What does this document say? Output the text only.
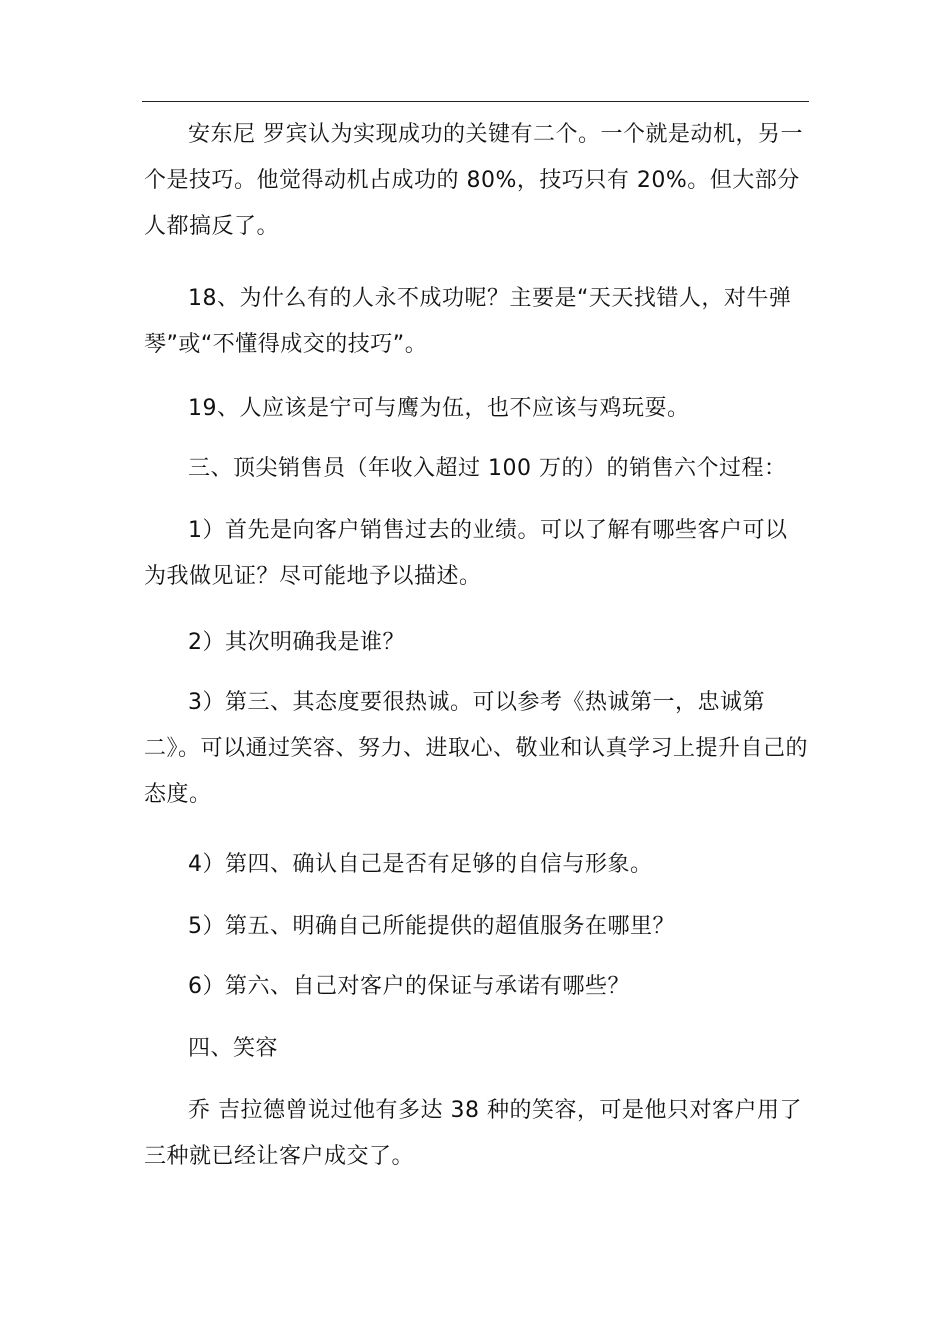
安东尼 罗宾认为实现成功的关键有二个。一个就是动机，另一个是技巧。他觉得动机占成功的 80%，技巧只有 20%。但大部分人都搞反了。

18、为什么有的人永不成功呢？主要是“天天找错人，对牛弹琴”或“不懂得成交的技巧”。

19、人应该是宁可与鹰为伍，也不应该与鸡玩耍。

三、顶尖销售员（年收入超过 100 万的）的销售六个过程：

1）首先是向客户销售过去的业绩。可以了解有哪些客户可以为我做见证？尽可能地予以描述。

2）其次明确我是谁？

3）第三、其态度要很热诚。可以参考《热诚第一，忠诚第二》。可以通过笑容、努力、进取心、敬业和认真学习上提升自己的态度。

4）第四、确认自己是否有足够的自信与形象。

5）第五、明确自己所能提供的超值服务在哪里？

6）第六、自己对客户的保证与承诺有哪些？

四、笑容

乔 吉拉德曾说过他有多达 38 种的笑容，可是他只对客户用了三种就已经让客户成交了。
